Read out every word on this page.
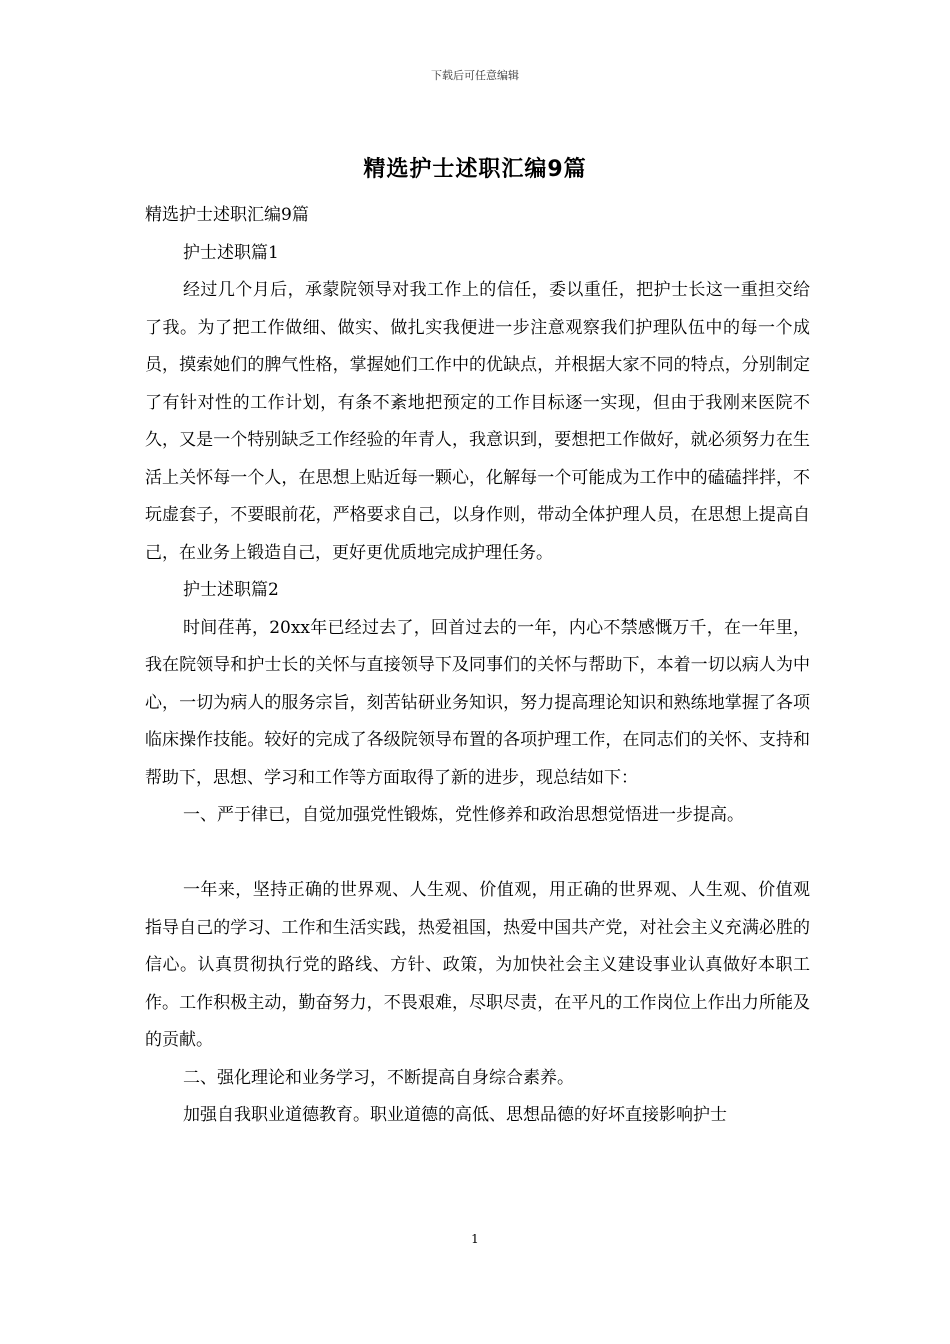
下载后可任意编辑
精选护士述职汇编9篇

精选护士述职汇编9篇

护士述职篇1

经过几个月后，承蒙院领导对我工作上的信任，委以重任，把护士长这一重担交给了我。为了把工作做细、做实、做扎实我便进一步注意观察我们护理队伍中的每一个成员，摸索她们的脾气性格，掌握她们工作中的优缺点，并根据大家不同的特点，分别制定了有针对性的工作计划，有条不紊地把预定的工作目标逐一实现，但由于我刚来医院不久，又是一个特别缺乏工作经验的年青人，我意识到，要想把工作做好，就必须努力在生活上关怀每一个人，在思想上贴近每一颗心，化解每一个可能成为工作中的磕磕拌拌，不玩虚套子，不要眼前花，严格要求自己，以身作则，带动全体护理人员，在思想上提高自己，在业务上锻造自己，更好更优质地完成护理任务。

护士述职篇2

时间荏苒，20xx年已经过去了，回首过去的一年，内心不禁感慨万千，在一年里，我在院领导和护士长的关怀与直接领导下及同事们的关怀与帮助下，本着一切以病人为中心，一切为病人的服务宗旨，刻苦钻研业务知识，努力提高理论知识和熟练地掌握了各项临床操作技能。较好的完成了各级院领导布置的各项护理工作，在同志们的关怀、支持和帮助下，思想、学习和工作等方面取得了新的进步，现总结如下：

一、严于律已，自觉加强党性锻炼，党性修养和政治思想觉悟进一步提高。

一年来，坚持正确的世界观、人生观、价值观，用正确的世界观、人生观、价值观指导自己的学习、工作和生活实践，热爱祖国，热爱中国共产党，对社会主义充满必胜的信心。认真贯彻执行党的路线、方针、政策，为加快社会主义建设事业认真做好本职工作。工作积极主动，勤奋努力，不畏艰难，尽职尽责，在平凡的工作岗位上作出力所能及的贡献。

二、强化理论和业务学习，不断提高自身综合素养。

加强自我职业道德教育。职业道德的高低、思想品德的好坏直接影响护士

1
